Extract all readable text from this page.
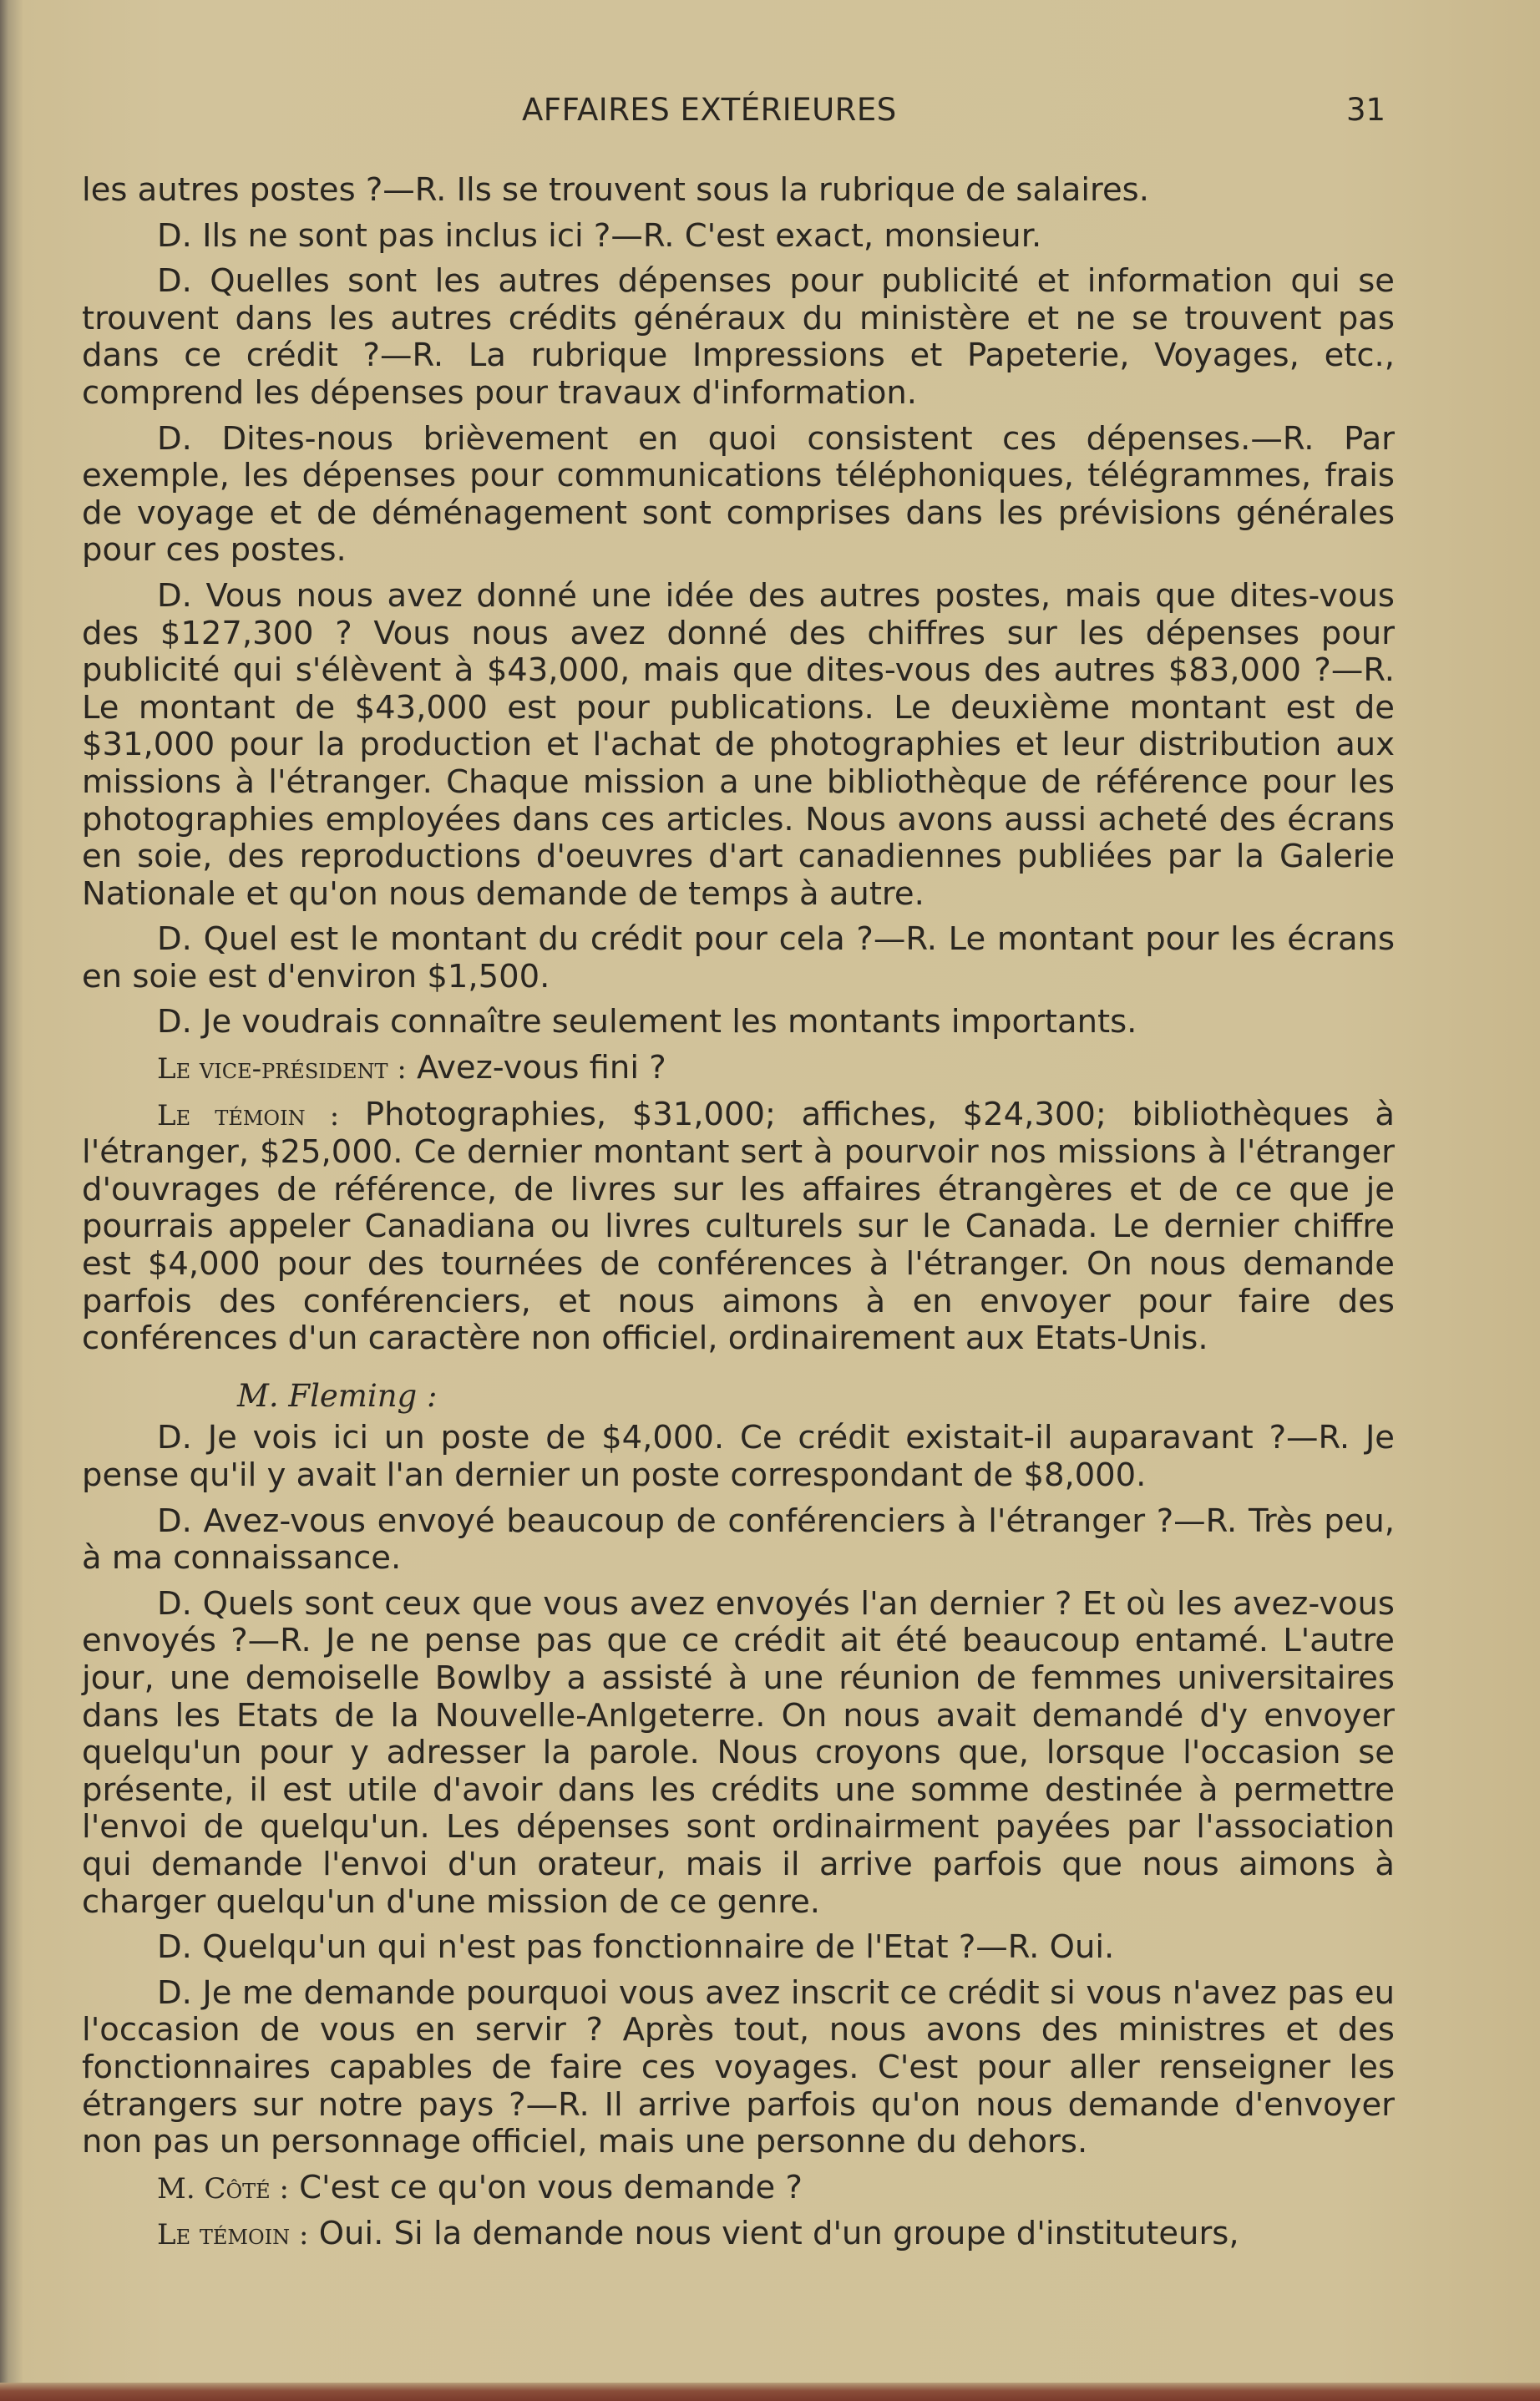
AFFAIRES EXTÉRIEURES	31

les autres postes ?—R. Ils se trouvent sous la rubrique de salaires.

D. Ils ne sont pas inclus ici ?—R. C'est exact, monsieur.

D. Quelles sont les autres dépenses pour publicité et information qui se trouvent dans les autres crédits généraux du ministère et ne se trouvent pas dans ce crédit ?—R. La rubrique Impressions et Papeterie, Voyages, etc., comprend les dépenses pour travaux d'information.

D. Dites-nous brièvement en quoi consistent ces dépenses.—R. Par exemple, les dépenses pour communications téléphoniques, télégrammes, frais de voyage et de déménagement sont comprises dans les prévisions générales pour ces postes.

D. Vous nous avez donné une idée des autres postes, mais que dites-vous des $127,300 ? Vous nous avez donné des chiffres sur les dépenses pour publicité qui s'élèvent à $43,000, mais que dites-vous des autres $83,000 ?—R. Le montant de $43,000 est pour publications. Le deuxième montant est de $31,000 pour la production et l'achat de photographies et leur distribution aux missions à l'étranger. Chaque mission a une bibliothèque de référence pour les photographies employées dans ces articles. Nous avons aussi acheté des écrans en soie, des reproductions d'oeuvres d'art canadiennes publiées par la Galerie Nationale et qu'on nous demande de temps à autre.

D. Quel est le montant du crédit pour cela ?—R. Le montant pour les écrans en soie est d'environ $1,500.

D. Je voudrais connaître seulement les montants importants.

Le vice-président : Avez-vous fini ?

Le témoin : Photographies, $31,000; affiches, $24,300; bibliothèques à l'étranger, $25,000. Ce dernier montant sert à pourvoir nos missions à l'étranger d'ouvrages de référence, de livres sur les affaires étrangères et de ce que je pourrais appeler Canadiana ou livres culturels sur le Canada. Le dernier chiffre est $4,000 pour des tournées de conférences à l'étranger. On nous demande parfois des conférenciers, et nous aimons à en envoyer pour faire des conférences d'un caractère non officiel, ordinairement aux Etats-Unis.

M. Fleming :

D. Je vois ici un poste de $4,000. Ce crédit existait-il auparavant ?—R. Je pense qu'il y avait l'an dernier un poste correspondant de $8,000.

D. Avez-vous envoyé beaucoup de conférenciers à l'étranger ?—R. Très peu, à ma connaissance.

D. Quels sont ceux que vous avez envoyés l'an dernier ? Et où les avez-vous envoyés ?—R. Je ne pense pas que ce crédit ait été beaucoup entamé. L'autre jour, une demoiselle Bowlby a assisté à une réunion de femmes universitaires dans les Etats de la Nouvelle-Anlgeterre. On nous avait demandé d'y envoyer quelqu'un pour y adresser la parole. Nous croyons que, lorsque l'occasion se présente, il est utile d'avoir dans les crédits une somme destinée à permettre l'envoi de quelqu'un. Les dépenses sont ordinairment payées par l'association qui demande l'envoi d'un orateur, mais il arrive parfois que nous aimons à charger quelqu'un d'une mission de ce genre.

D. Quelqu'un qui n'est pas fonctionnaire de l'Etat ?—R. Oui.

D. Je me demande pourquoi vous avez inscrit ce crédit si vous n'avez pas eu l'occasion de vous en servir ? Après tout, nous avons des ministres et des fonctionnaires capables de faire ces voyages. C'est pour aller renseigner les étrangers sur notre pays ?—R. Il arrive parfois qu'on nous demande d'envoyer non pas un personnage officiel, mais une personne du dehors.

M. Côté : C'est ce qu'on vous demande ?

Le témoin : Oui. Si la demande nous vient d'un groupe d'instituteurs,
